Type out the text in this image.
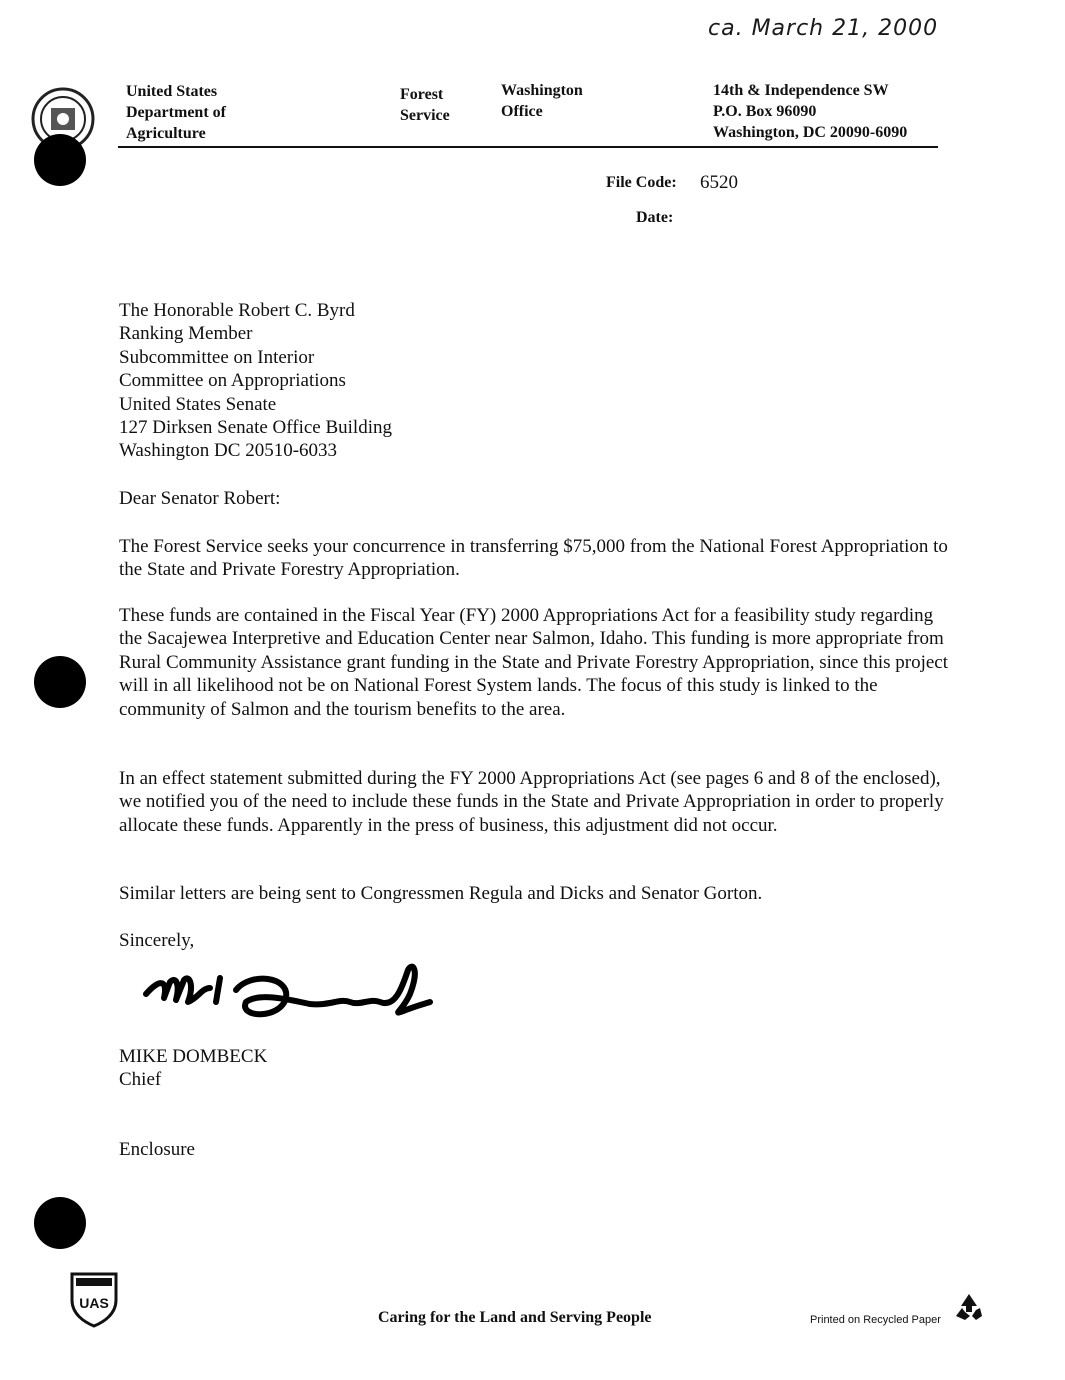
ca. March 21, 2000
United States
Department of
Agriculture
Forest
Service
Washington
Office
14th & Independence SW
P.O. Box 96090
Washington, DC 20090-6090
File Code: 6520
Date:
The Honorable Robert C. Byrd
Ranking Member
Subcommittee on Interior
Committee on Appropriations
United States Senate
127 Dirksen Senate Office Building
Washington DC 20510-6033
Dear Senator Robert:
The Forest Service seeks your concurrence in transferring $75,000 from the National Forest Appropriation to the State and Private Forestry Appropriation.
These funds are contained in the Fiscal Year (FY) 2000 Appropriations Act for a feasibility study regarding the Sacajewea Interpretive and Education Center near Salmon, Idaho. This funding is more appropriate from Rural Community Assistance grant funding in the State and Private Forestry Appropriation, since this project will in all likelihood not be on National Forest System lands. The focus of this study is linked to the community of Salmon and the tourism benefits to the area.
In an effect statement submitted during the FY 2000 Appropriations Act (see pages 6 and 8 of the enclosed), we notified you of the need to include these funds in the State and Private Appropriation in order to properly allocate these funds. Apparently in the press of business, this adjustment did not occur.
Similar letters are being sent to Congressmen Regula and Dicks and Senator Gorton.
Sincerely,
MIKE DOMBECK
Chief
Enclosure
UAS
Caring for the Land and Serving People	Printed on Recycled Paper
